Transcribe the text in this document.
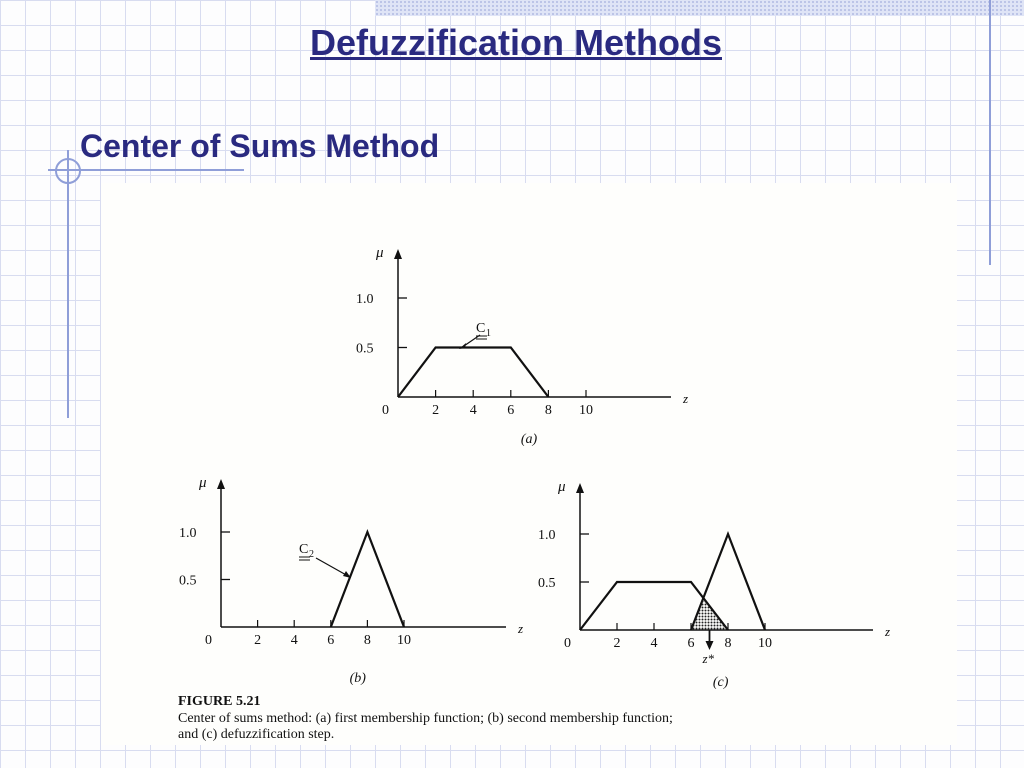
Defuzzification Methods
Center of Sums Method
μ
z
0.5
1.0
0	2 4 6 8 10
(a)
μ
z
0.5
1.0
0	2 4 6 8 10
(b)
μ
z
0.5
1.0
0	2 4 6 8 10
z*
(c)
C 1
C 2
FIGURE 5.21
Center of sums method: (a) first membership function; (b) second membership function;
and (c) defuzzification step.
